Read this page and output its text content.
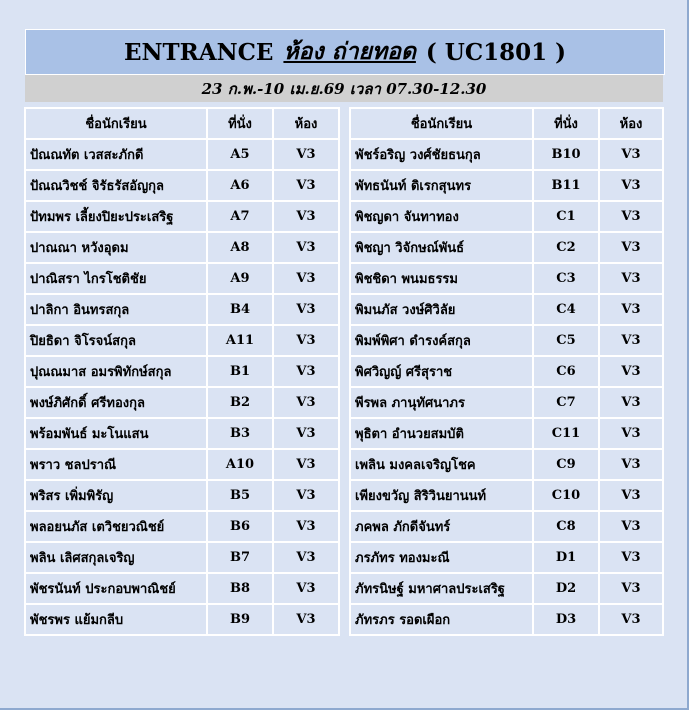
ENTRANCE ห้อง ถ่ายทอด ( UC1801 )
23 ก.พ.-10 เม.ย.69 เวลา 07.30-12.30
ชื่อนักเรียน	ที่นั่ง	ห้อง
ปัณณทัต เวสสะภักดี	A5	V3
ปัณณวิชช์ จิรัธรัสอัญกุล	A6	V3
ปัทมพร เลี้ยงปิยะประเสริฐ	A7	V3
ปาณณา หวังอุดม	A8	V3
ปาณิสรา ไกรโชติชัย	A9	V3
ปาลิกา อินทรสกุล	B4	V3
ปิยธิดา จิโรจน์สกุล	A11	V3
ปุณณมาส อมรพิทักษ์สกุล	B1	V3
พงษ์ภิศักดิ์ ศรีทองกุล	B2	V3
พร้อมพันธ์ มะโนแสน	B3	V3
พราว ชลปราณี	A10	V3
พริสร เพิ่มพิรัญ	B5	V3
พลอยนภัส เตวิชยวณิชย์	B6	V3
พลิน เลิศสกุลเจริญ	B7	V3
พัชรนันท์ ประกอบพาณิชย์	B8	V3
พัชรพร แย้มกลีบ	B9	V3
ชื่อนักเรียน	ที่นั่ง	ห้อง
พัชร์อริญ วงศ์ชัยธนกุล	B10	V3
พัทธนันท์ ดิเรกสุนทร	B11	V3
พิชญดา จันทาทอง	C1	V3
พิชญา วิจักษณ์พันธ์	C2	V3
พิชชิดา พนมธรรม	C3	V3
พิมนภัส วงษ์ศิวิลัย	C4	V3
พิมพ์พิศา ดำรงค์สกุล	C5	V3
พิศวิญญ์ ศรีสุราช	C6	V3
พีรพล ภานุทัศนาภร	C7	V3
พุธิตา อำนวยสมบัติ	C11	V3
เพลิน มงคลเจริญโชค	C9	V3
เพียงขวัญ สิริวินยานนท์	C10	V3
ภคพล ภักดีจันทร์	C8	V3
ภรภัทร ทองมะณี	D1	V3
ภัทรนิษฐ์ มหาศาลประเสริฐ	D2	V3
ภัทรภร รอดเผือก	D3	V3
